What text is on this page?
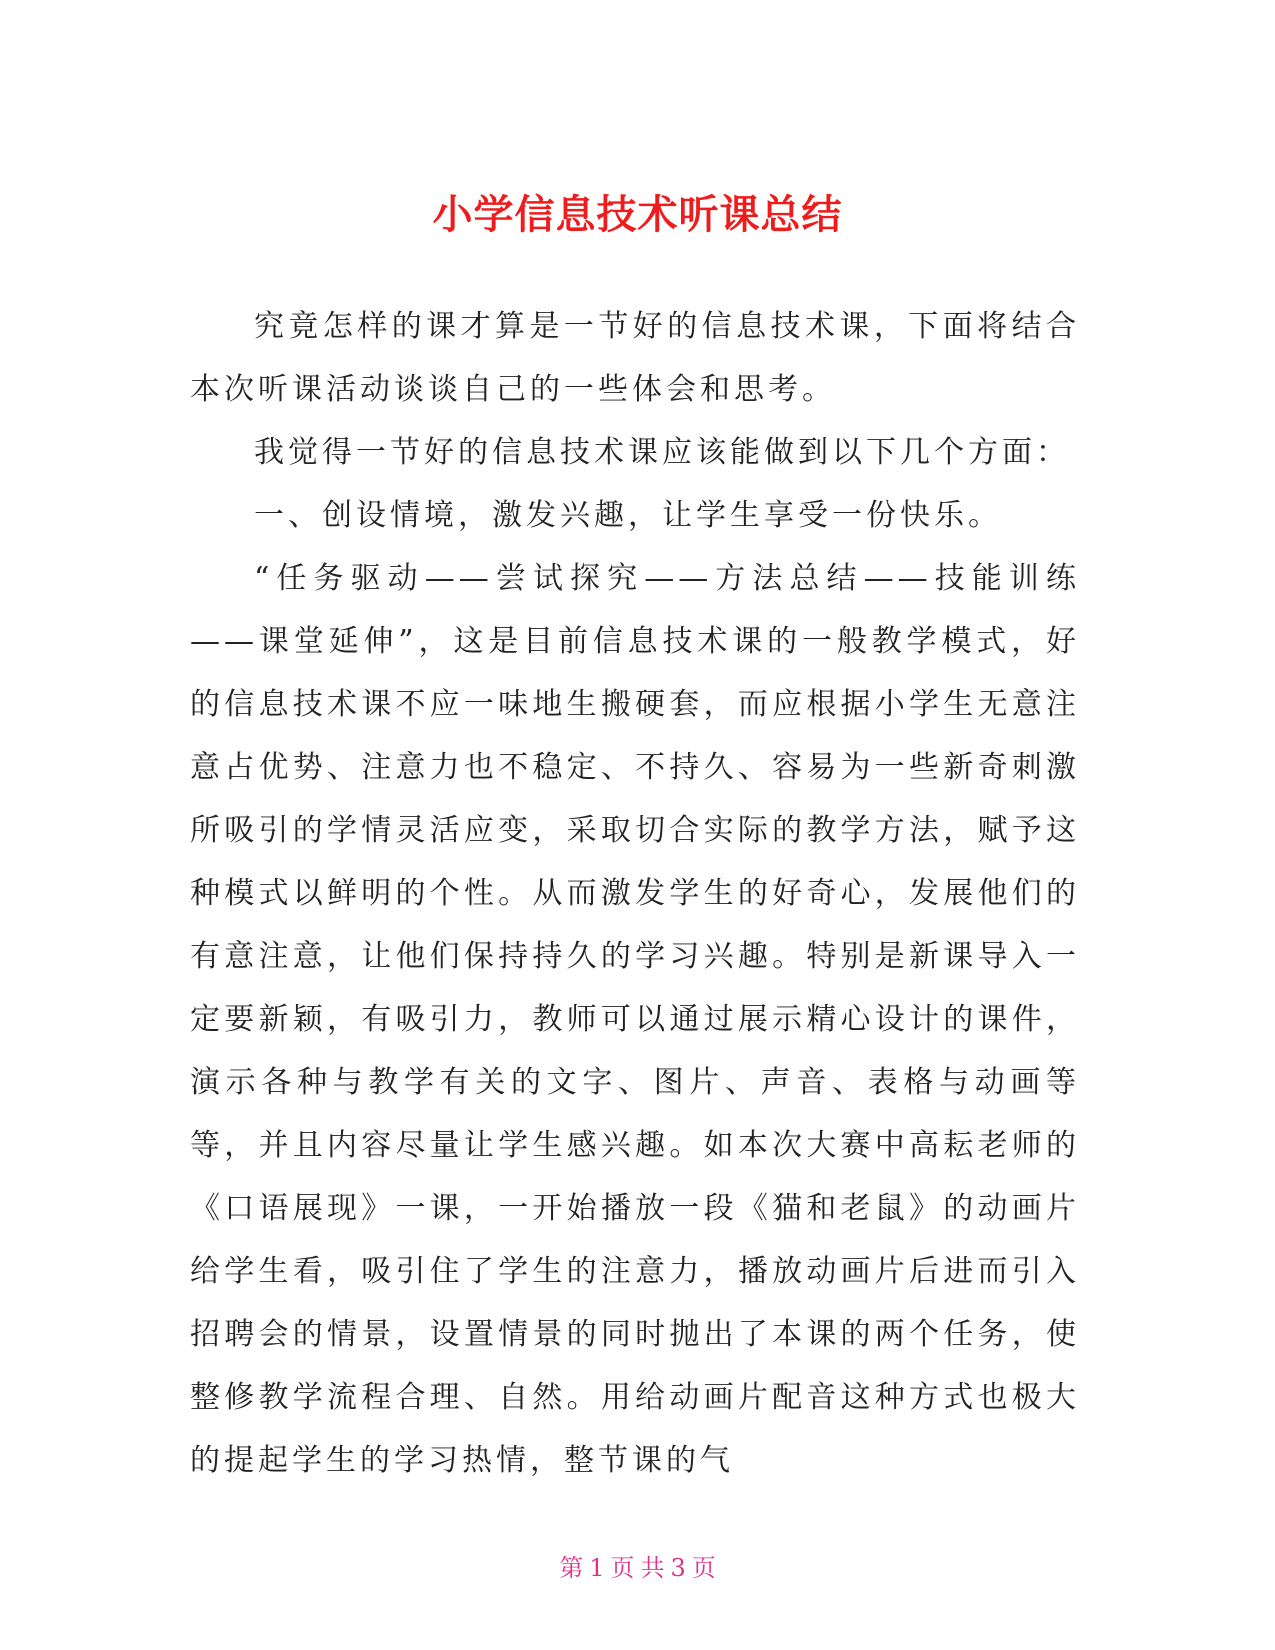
小学信息技术听课总结

究竟怎样的课才算是一节好的信息技术课，下面将结合本次听课活动谈谈自己的一些体会和思考。

我觉得一节好的信息技术课应该能做到以下几个方面：

一、创设情境，激发兴趣，让学生享受一份快乐。

“任务驱动——尝试探究——方法总结——技能训练——课堂延伸”，这是目前信息技术课的一般教学模式，好的信息技术课不应一味地生搬硬套，而应根据小学生无意注意占优势、注意力也不稳定、不持久、容易为一些新奇刺激所吸引的学情灵活应变，采取切合实际的教学方法，赋予这种模式以鲜明的个性。从而激发学生的好奇心，发展他们的有意注意，让他们保持持久的学习兴趣。特别是新课导入一定要新颖，有吸引力，教师可以通过展示精心设计的课件，演示各种与教学有关的文字、图片、声音、表格与动画等等，并且内容尽量让学生感兴趣。如本次大赛中高耘老师的《口语展现》一课，一开始播放一段《猫和老鼠》的动画片给学生看，吸引住了学生的注意力，播放动画片后进而引入招聘会的情景，设置情景的同时抛出了本课的两个任务，使整修教学流程合理、自然。用给动画片配音这种方式也极大的提起学生的学习热情，整节课的气

第 1 页 共 3 页
